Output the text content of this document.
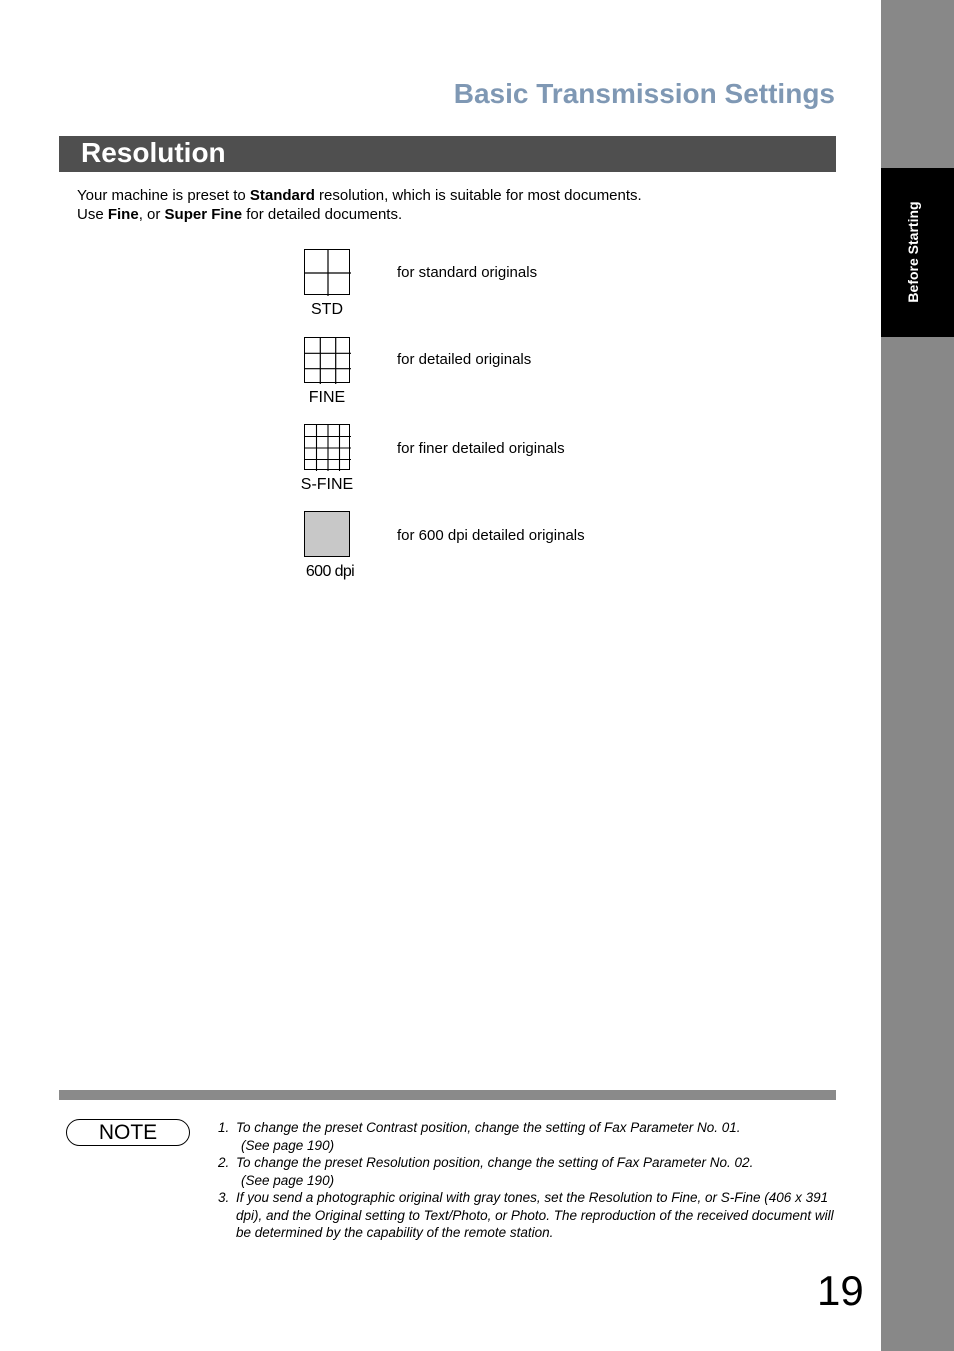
Before Starting
Basic Transmission Settings
Resolution

Your machine is preset to Standard resolution, which is suitable for most documents.

Use Fine, or Super Fine for detailed documents.

STD
for standard originals
FINE
for detailed originals
S-FINE
for finer detailed originals
600 dpi
for 600 dpi detailed originals
NOTE	1. To change the preset Contrast position, change the setting of Fax Parameter No. 01.
(See page 190)
2. To change the preset Resolution position, change the setting of Fax Parameter No. 02.
(See page 190)
3. If you send a photographic original with gray tones, set the Resolution to Fine, or S-Fine (406 x 391 dpi), and the Original setting to Text/Photo, or Photo. The reproduction of the received document will be determined by the capability of the remote station.
19
